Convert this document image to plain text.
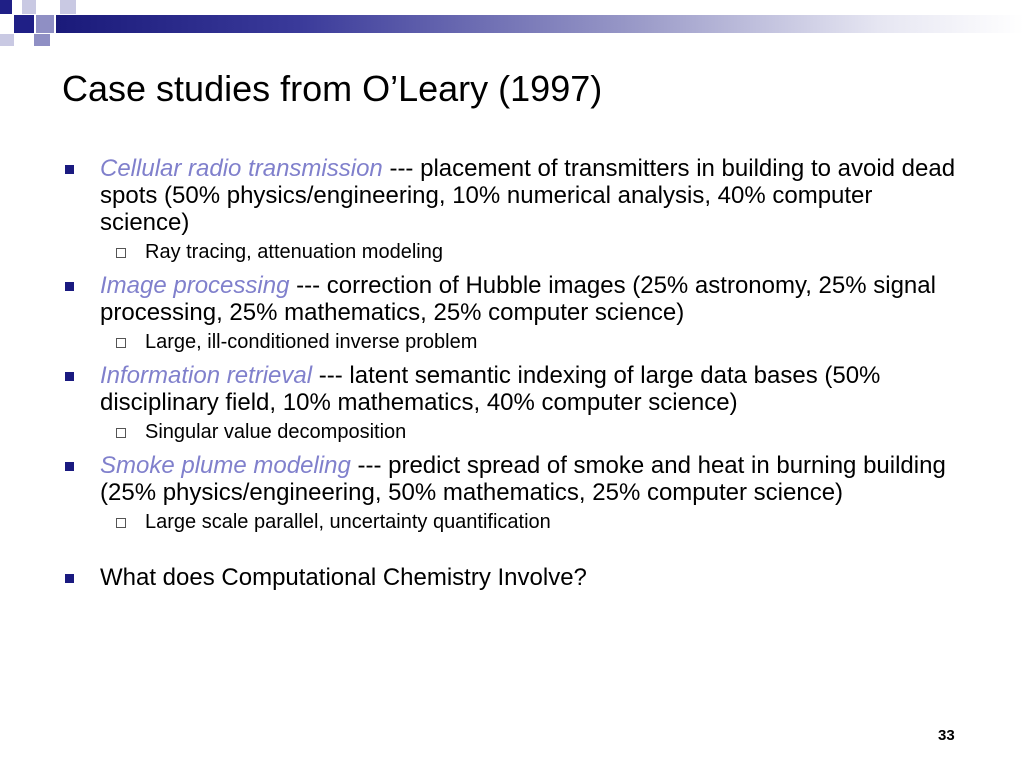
Case studies from O’Leary (1997)
Cellular radio transmission --- placement of transmitters in building to avoid dead spots (50% physics/engineering, 10% numerical analysis, 40% computer science)
Ray tracing, attenuation modeling
Image processing --- correction of Hubble images (25% astronomy, 25% signal processing, 25% mathematics, 25% computer science)
Large, ill-conditioned inverse problem
Information retrieval --- latent semantic indexing of large data bases (50% disciplinary field, 10% mathematics, 40% computer science)
Singular value decomposition
Smoke plume modeling --- predict spread of smoke and heat in burning building (25% physics/engineering, 50% mathematics, 25% computer science)
Large scale parallel, uncertainty quantification
What does Computational Chemistry Involve?
33
